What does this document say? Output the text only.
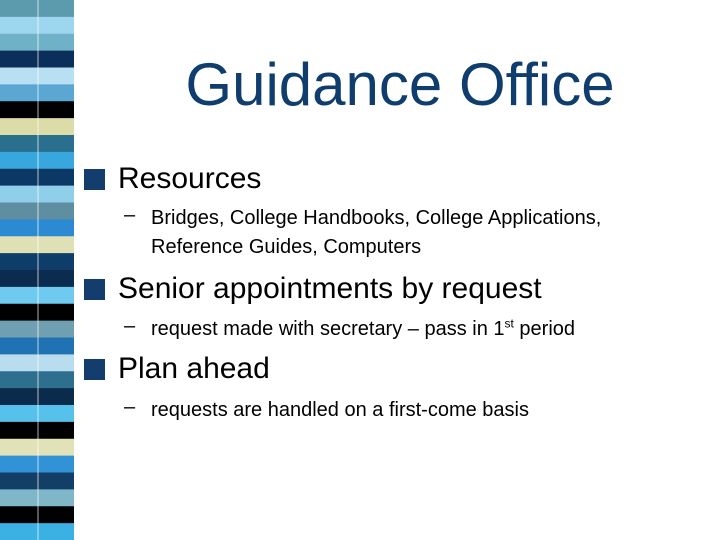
Guidance Office
Resources
– Bridges, College Handbooks, College Applications,
Reference Guides, Computers
Senior appointments by request
– request made with secretary – pass in 1st period
Plan ahead
– requests are handled on a first-come basis
